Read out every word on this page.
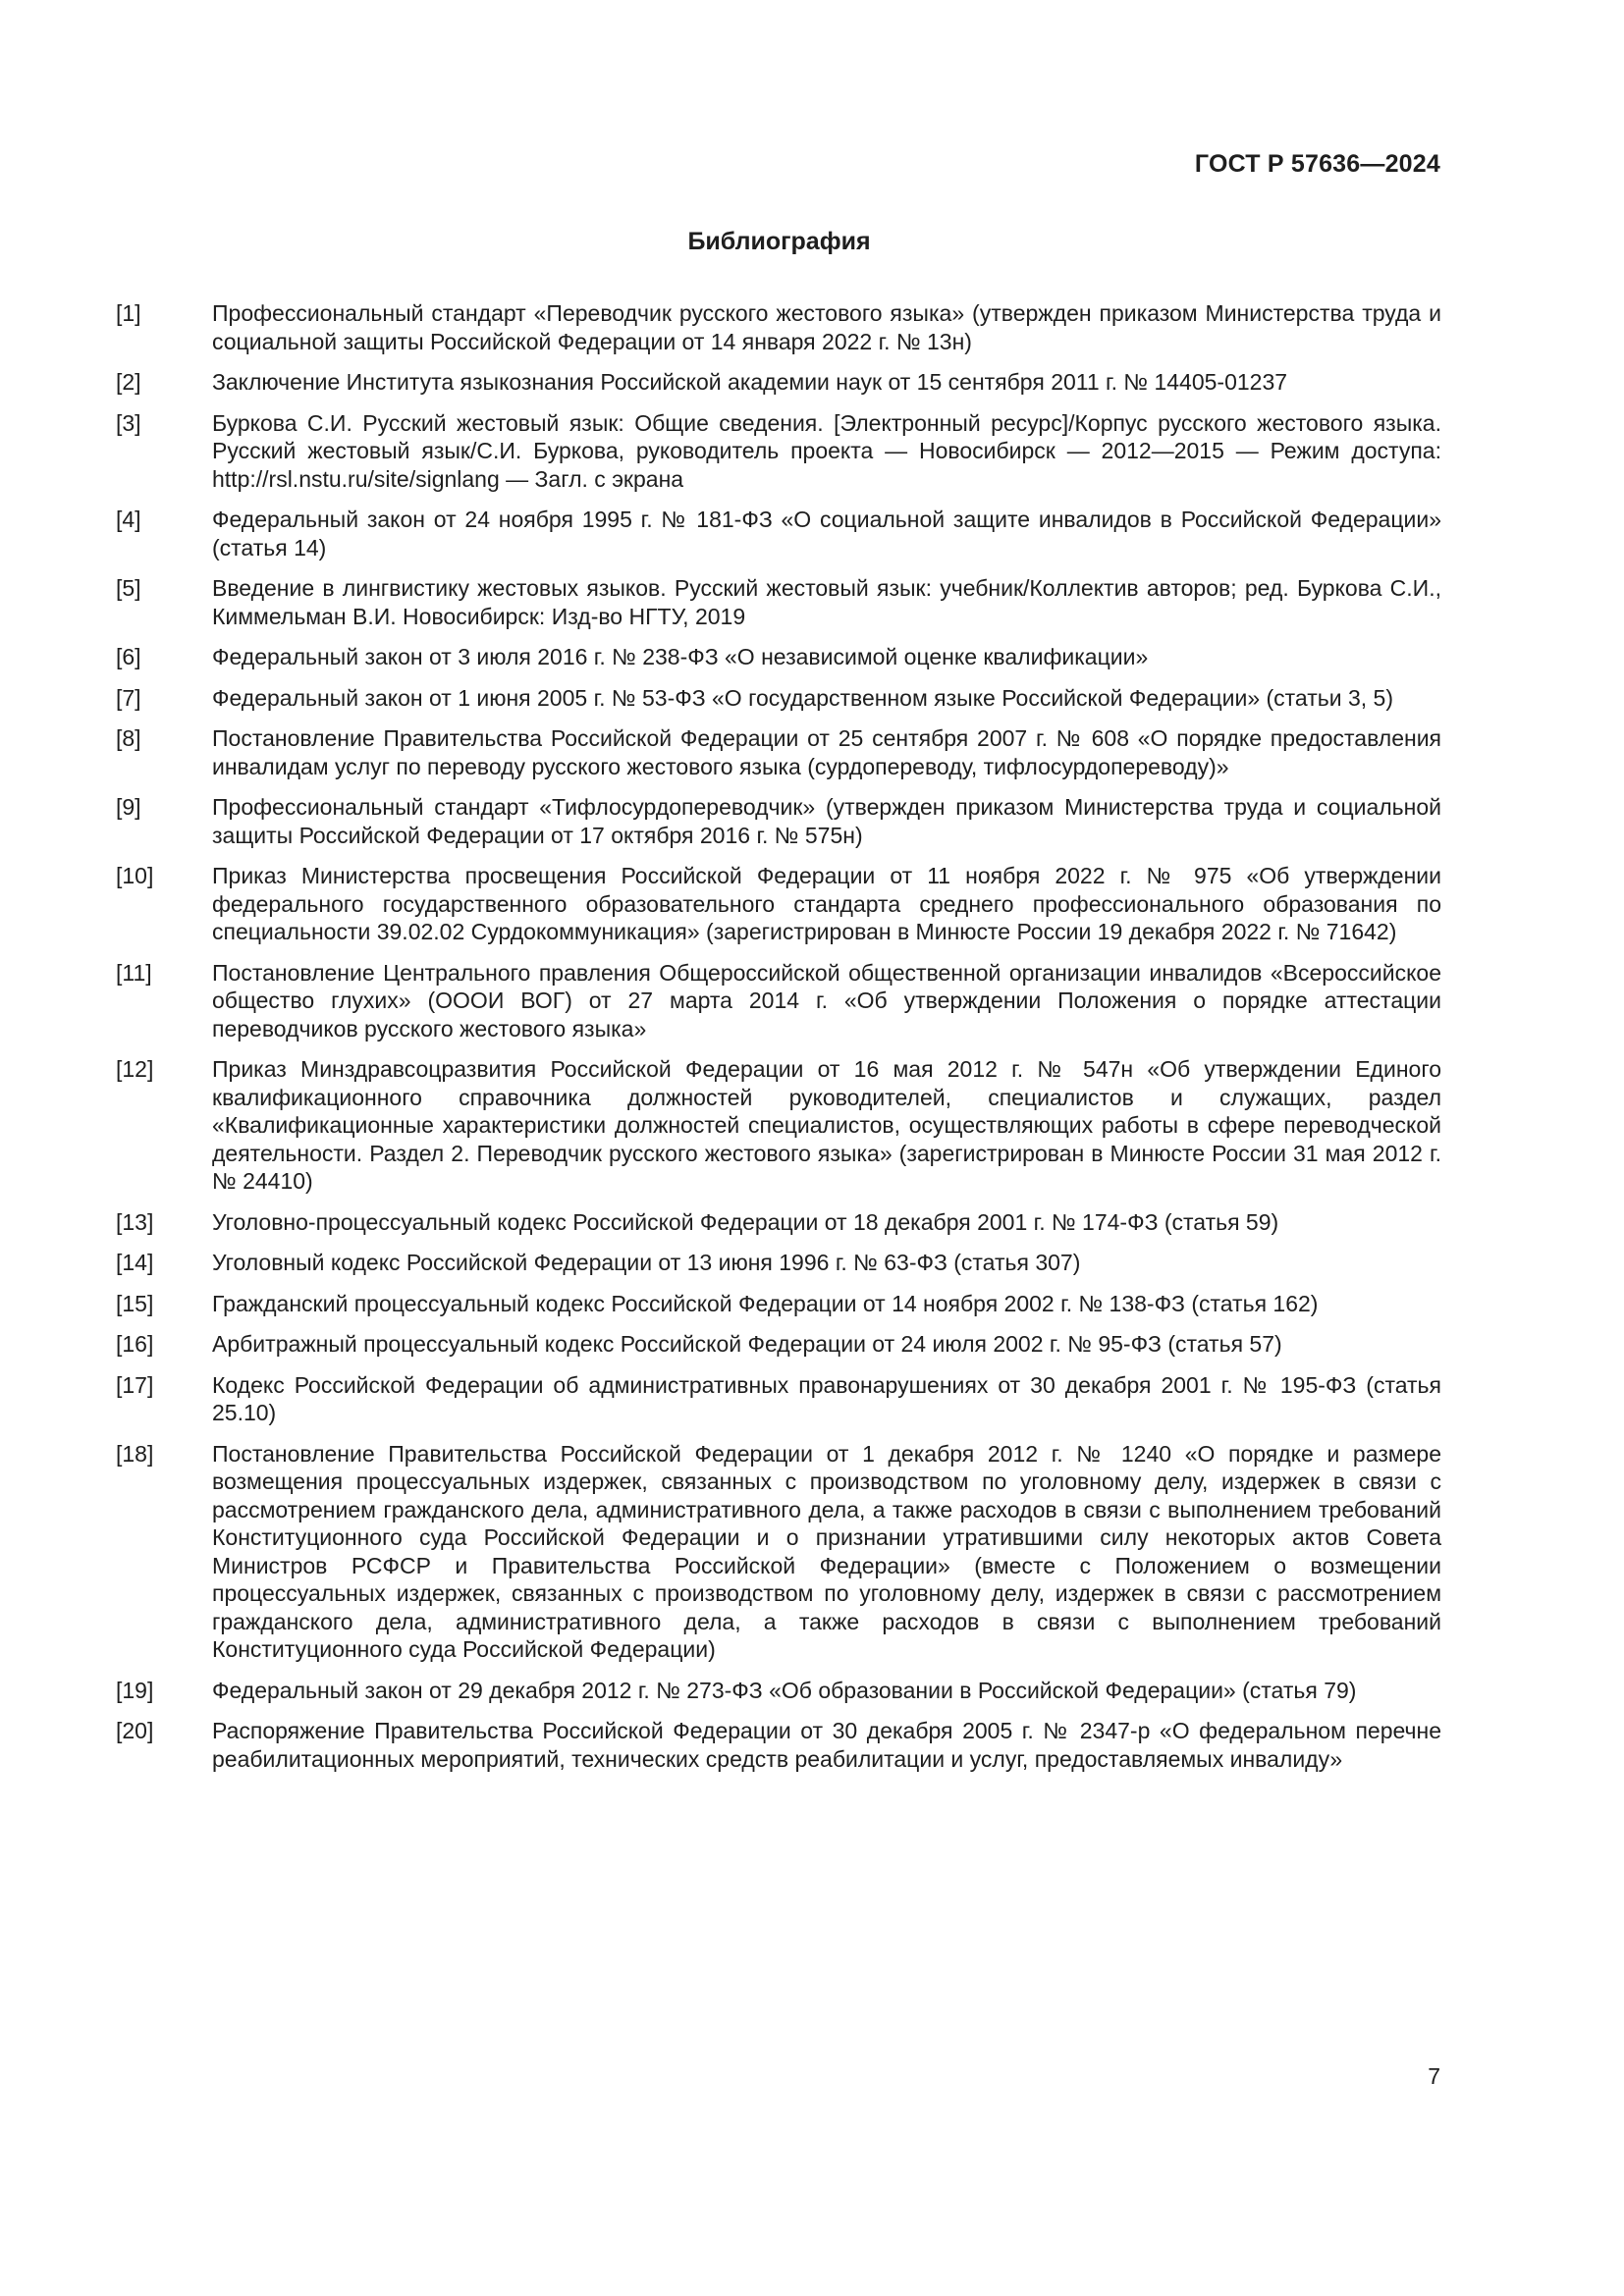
ГОСТ Р 57636—2024
Библиография
[1]	Профессиональный стандарт «Переводчик русского жестового языка» (утвержден приказом Министерства труда и социальной защиты Российской Федерации от 14 января 2022 г. № 13н)
[2]	Заключение Института языкознания Российской академии наук от 15 сентября 2011 г. № 14405-01237
[3]	Буркова С.И. Русский жестовый язык: Общие сведения. [Электронный ресурс]/Корпус русского жестового языка. Русский жестовый язык/С.И. Буркова, руководитель проекта — Новосибирск — 2012—2015 — Режим доступа: http://rsl.nstu.ru/site/signlang — Загл. с экрана
[4]	Федеральный закон от 24 ноября 1995 г. № 181-ФЗ «О социальной защите инвалидов в Российской Федерации» (статья 14)
[5]	Введение в лингвистику жестовых языков. Русский жестовый язык: учебник/Коллектив авторов; ред. Буркова С.И., Киммельман В.И. Новосибирск: Изд-во НГТУ, 2019
[6]	Федеральный закон от 3 июля 2016 г. № 238-ФЗ «О независимой оценке квалификации»
[7]	Федеральный закон от 1 июня 2005 г. № 53-ФЗ «О государственном языке Российской Федерации» (статьи 3, 5)
[8]	Постановление Правительства Российской Федерации от 25 сентября 2007 г. № 608 «О порядке предоставления инвалидам услуг по переводу русского жестового языка (сурдопереводу, тифлосурдопереводу)»
[9]	Профессиональный стандарт «Тифлосурдопереводчик» (утвержден приказом Министерства труда и социальной защиты Российской Федерации от 17 октября 2016 г. № 575н)
[10]	Приказ Министерства просвещения Российской Федерации от 11 ноября 2022 г. № 975 «Об утверждении федерального государственного образовательного стандарта среднего профессионального образования по специальности 39.02.02 Сурдокоммуникация» (зарегистрирован в Минюсте России 19 декабря 2022 г. № 71642)
[11]	Постановление Центрального правления Общероссийской общественной организации инвалидов «Всероссийское общество глухих» (ОООИ ВОГ) от 27 марта 2014 г. «Об утверждении Положения о порядке аттестации переводчиков русского жестового языка»
[12]	Приказ Минздравсоцразвития Российской Федерации от 16 мая 2012 г. № 547н «Об утверждении Единого квалификационного справочника должностей руководителей, специалистов и служащих, раздел «Квалификационные характеристики должностей специалистов, осуществляющих работы в сфере переводческой деятельности. Раздел 2. Переводчик русского жестового языка» (зарегистрирован в Минюсте России 31 мая 2012 г. № 24410)
[13]	Уголовно-процессуальный кодекс Российской Федерации от 18 декабря 2001 г. № 174-ФЗ (статья 59)
[14]	Уголовный кодекс Российской Федерации от 13 июня 1996 г. № 63-ФЗ (статья 307)
[15]	Гражданский процессуальный кодекс Российской Федерации от 14 ноября 2002 г. № 138-ФЗ (статья 162)
[16]	Арбитражный процессуальный кодекс Российской Федерации от 24 июля 2002 г. № 95-ФЗ (статья 57)
[17]	Кодекс Российской Федерации об административных правонарушениях от 30 декабря 2001 г. № 195-ФЗ (статья 25.10)
[18]	Постановление Правительства Российской Федерации от 1 декабря 2012 г. № 1240 «О порядке и размере возмещения процессуальных издержек, связанных с производством по уголовному делу, издержек в связи с рассмотрением гражданского дела, административного дела, а также расходов в связи с выполнением требований Конституционного суда Российской Федерации и о признании утратившими силу некоторых актов Совета Министров РСФСР и Правительства Российской Федерации» (вместе с Положением о возмещении процессуальных издержек, связанных с производством по уголовному делу, издержек в связи с рассмотрением гражданского дела, административного дела, а также расходов в связи с выполнением требований Конституционного суда Российской Федерации)
[19]	Федеральный закон от 29 декабря 2012 г. № 273-ФЗ «Об образовании в Российской Федерации» (статья 79)
[20]	Распоряжение Правительства Российской Федерации от 30 декабря 2005 г. № 2347-р «О федеральном перечне реабилитационных мероприятий, технических средств реабилитации и услуг, предоставляемых инвалиду»
7
